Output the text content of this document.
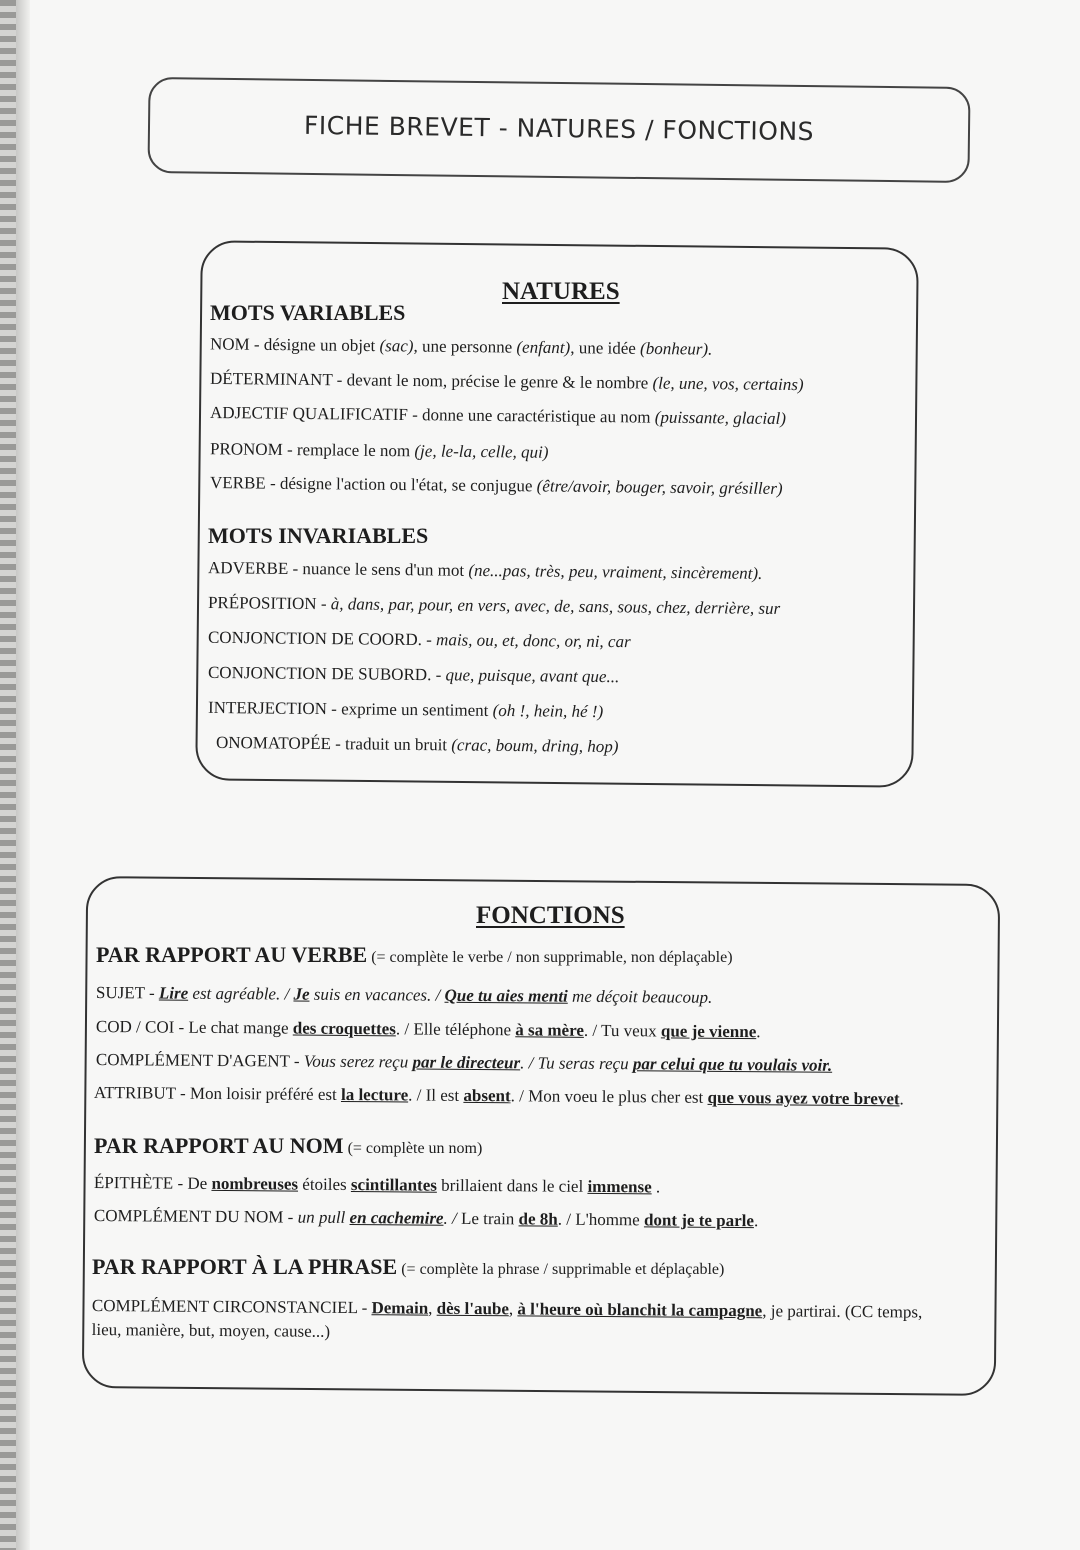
FICHE BREVET - NATURES / FONCTIONS
NATURES
MOTS VARIABLES
NOM - désigne un objet (sac), une personne (enfant), une idée (bonheur).
DÉTERMINANT - devant le nom, précise le genre & le nombre (le, une, vos, certains)
ADJECTIF QUALIFICATIF - donne une caractéristique au nom (puissante, glacial)
PRONOM - remplace le nom (je, le-la, celle, qui)
VERBE - désigne l'action ou l'état, se conjugue (être/avoir, bouger, savoir, grésiller)
MOTS INVARIABLES
ADVERBE - nuance le sens d'un mot (ne...pas, très, peu, vraiment, sincèrement).
PRÉPOSITION - à, dans, par, pour, en vers, avec, de, sans, sous, chez, derrière, sur
CONJONCTION DE COORD. - mais, ou, et, donc, or, ni, car
CONJONCTION DE SUBORD. - que, puisque, avant que...
INTERJECTION - exprime un sentiment (oh !, hein, hé !)
ONOMATOPÉE - traduit un bruit (crac, boum, dring, hop)
FONCTIONS
PAR RAPPORT AU VERBE (= complète le verbe / non supprimable, non déplaçable)
SUJET - Lire est agréable. / Je suis en vacances. / Que tu aies menti me déçoit beaucoup.
COD / COI - Le chat mange des croquettes. / Elle téléphone à sa mère. / Tu veux que je vienne.
COMPLÉMENT D'AGENT - Vous serez reçu par le directeur. / Tu seras reçu par celui que tu voulais voir.
ATTRIBUT - Mon loisir préféré est la lecture. / Il est absent. / Mon voeu le plus cher est que vous ayez votre brevet.
PAR RAPPORT AU NOM (= complète un nom)
ÉPITHÈTE - De nombreuses étoiles scintillantes brillaient dans le ciel immense .
COMPLÉMENT DU NOM - un pull en cachemire. / Le train de 8h. / L'homme dont je te parle.
PAR RAPPORT À LA PHRASE (= complète la phrase / supprimable et déplaçable)
COMPLÉMENT CIRCONSTANCIEL - Demain, dès l'aube, à l'heure où blanchit la campagne, je partirai. (CC temps, lieu, manière, but, moyen, cause...)
